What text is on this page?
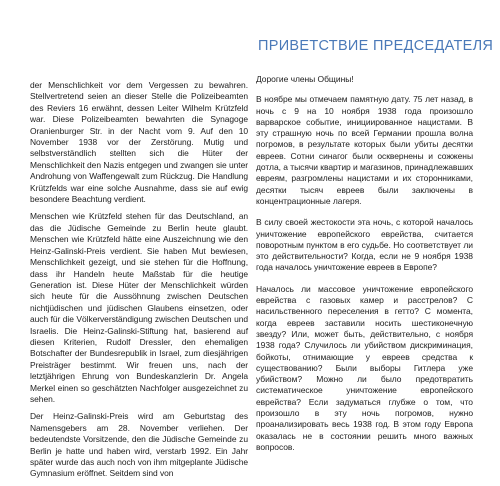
der Menschlichkeit vor dem Vergessen zu bewahren. Stellvertretend seien an dieser Stelle die Polizeibeamten des Reviers 16 erwähnt, dessen Leiter Wilhelm Krützfeld war. Diese Polizeibeamten bewahrten die Synagoge Oranienburger Str. in der Nacht vom 9. Auf den 10 November 1938 vor der Zerstörung. Mutig und selbstverständlich stellten sich die Hüter der Menschlichkeit den Nazis entgegen und zwangen sie unter Androhung von Waffengewalt zum Rückzug. Die Handlung Krützfelds war eine solche Ausnahme, dass sie auf ewig besondere Beachtung verdient.

Menschen wie Krützfeld stehen für das Deutschland, an das die Jüdische Gemeinde zu Berlin heute glaubt. Menschen wie Krützfeld hätte eine Auszeichnung wie den Heinz-Galinski-Preis verdient. Sie haben Mut bewiesen, Menschlichkeit gezeigt, und sie stehen für die Hoffnung, dass ihr Handeln heute Maßstab für die heutige Generation ist. Diese Hüter der Menschlichkeit würden sich heute für die Aussöhnung zwischen Deutschen nichtjüdischen und jüdischen Glaubens einsetzen, oder auch für die Völkerverständigung zwischen Deutschen und Israelis. Die Heinz-Galinski-Stiftung hat, basierend auf diesen Kriterien, Rudolf Dressler, den ehemaligen Botschafter der Bundesrepublik in Israel, zum diesjährigen Preisträger bestimmt. Wir freuen uns, nach der letztjährigen Ehrung von Bundeskanzlerin Dr. Angela Merkel einen so geschätzten Nachfolger ausgezeichnet zu sehen.

Der Heinz-Galinski-Preis wird am Geburtstag des Namensgebers am 28. November verliehen. Der bedeutendste Vorsitzende, den die Jüdische Gemeinde zu Berlin je hatte und haben wird, verstarb 1992. Ein Jahr später wurde das auch noch von ihm mitgeplante Jüdische Gymnasium eröffnet. Seitdem sind von

ПРИВЕТСТВИЕ ПРЕДСЕДАТЕЛЯ

Дорогие члены Общины!

В ноябре мы отмечаем памятную дату. 75 лет назад, в ночь с 9 на 10 ноября 1938 года произошло варварское событие, инициированное нацистами. В эту страшную ночь по всей Германии прошла волна погромов, в результате которых были убиты десятки евреев. Сотни синагог были осквернены и сожжены дотла, а тысячи квартир и магазинов, принадлежавших евреям, разгромлены нацистами и их сторонниками, десятки тысяч евреев были заключены в концентрационные лагеря.

В силу своей жестокости эта ночь, с которой началось уничтожение европейского еврейства, считается поворотным пунктом в его судьбе. Но соответствует ли это действительности? Когда, если не 9 ноября 1938 года началось уничтожение евреев в Европе?

Началось ли массовое уничтожение европейского еврейства с газовых камер и расстрелов? С насильственного переселения в гетто? С момента, когда евреев заставили носить шестиконечную звезду? Или, может быть, действительно, с ноября 1938 года? Случилось ли убийством дискриминация, бойкоты, отнимающие у евреев средства к существованию? Были выборы Гитлера уже убийством? Можно ли было предотвратить систематическое уничтожение европейского еврейства? Если задуматься глубже о том, что произошло в эту ночь погромов, нужно проанализировать весь 1938 год. В этом году Европа оказалась не в состоянии решить много важных вопросов.
